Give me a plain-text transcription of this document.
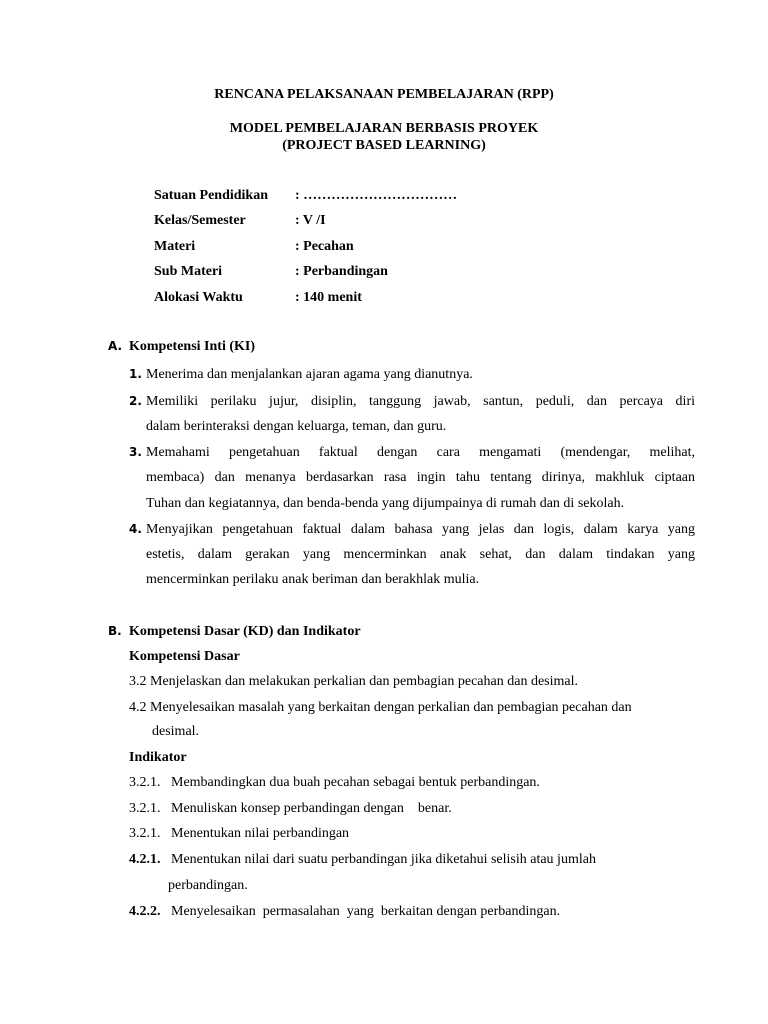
RENCANA PELAKSANAAN PEMBELAJARAN (RPP)
MODEL PEMBELAJARAN BERBASIS PROYEK
(PROJECT BASED LEARNING)
Satuan Pendidikan : ……………………………
Kelas/Semester	: V /I
Materi	: Pecahan
Sub Materi	: Perbandingan
Alokasi Waktu	: 140 menit
A. Kompetensi Inti (KI)
1. Menerima dan menjalankan ajaran agama yang dianutnya.
2. Memiliki perilaku jujur, disiplin, tanggung jawab, santun, peduli, dan percaya diri
dalam berinteraksi dengan keluarga, teman, dan guru.
3. Memahami pengetahuan faktual dengan cara mengamati (mendengar, melihat,
membaca) dan menanya berdasarkan rasa ingin tahu tentang dirinya, makhluk ciptaan
Tuhan dan kegiatannya, dan benda-benda yang dijumpainya di rumah dan di sekolah.
4. Menyajikan pengetahuan faktual dalam bahasa yang jelas dan logis, dalam karya yang
estetis, dalam gerakan yang mencerminkan anak sehat, dan dalam tindakan yang
mencerminkan perilaku anak beriman dan berakhlak mulia.
B. Kompetensi Dasar (KD) dan Indikator
Kompetensi Dasar
3.2 Menjelaskan dan melakukan perkalian dan pembagian pecahan dan desimal.
4.2 Menyelesaikan masalah yang berkaitan dengan perkalian dan pembagian pecahan dan
desimal.
Indikator
3.2.1. Membandingkan dua buah pecahan sebagai bentuk perbandingan.
3.2.1. Menuliskan konsep perbandingan dengan    benar.
3.2.1. Menentukan nilai perbandingan
4.2.1. Menentukan nilai dari suatu perbandingan jika diketahui selisih atau jumlah
perbandingan.
4.2.2. Menyelesaikan  permasalahan  yang  berkaitan dengan perbandingan.
